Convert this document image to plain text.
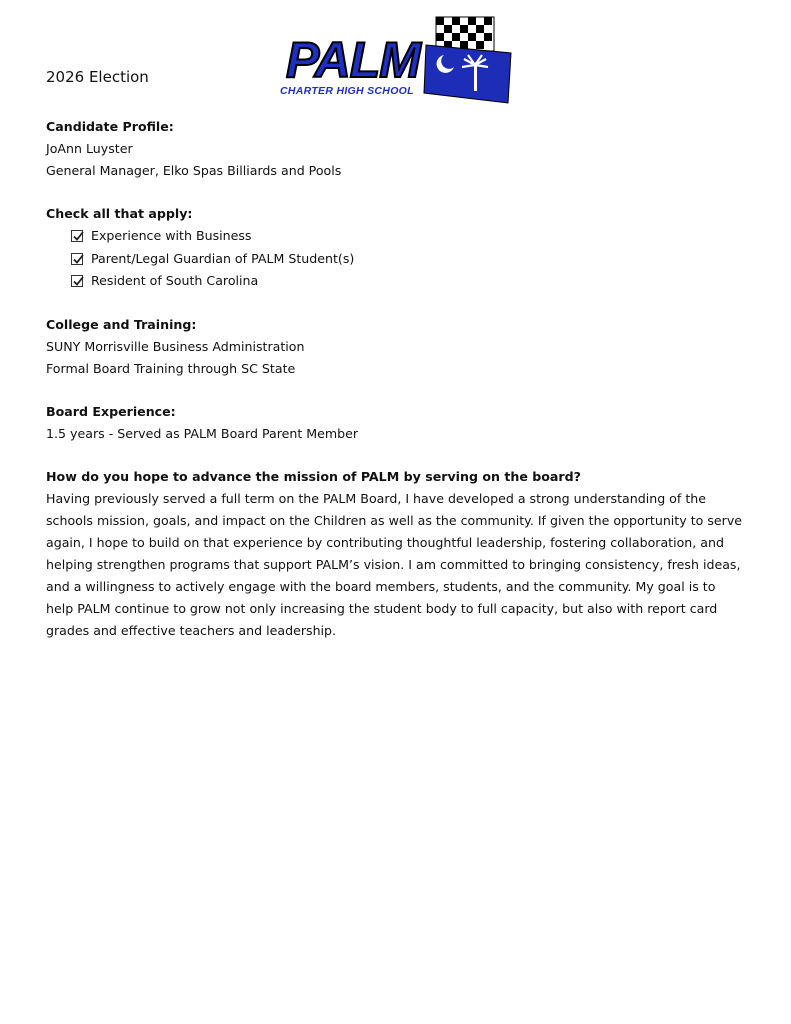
2026 Election	PALM
CHARTER HIGH SCHOOL
Candidate Profile:
JoAnn Luyster
General Manager, Elko Spas Billiards and Pools
Check all that apply:
Experience with Business
Parent/Legal Guardian of PALM Student(s)
Resident of South Carolina
College and Training:
SUNY Morrisville Business Administration
Formal Board Training through SC State
Board Experience:
1.5 years - Served as PALM Board Parent Member
How do you hope to advance the mission of PALM by serving on the board?
Having previously served a full term on the PALM Board, I have developed a strong understanding of the schools mission, goals, and impact on the Children as well as the community. If given the opportunity to serve again, I hope to build on that experience by contributing thoughtful leadership, fostering collaboration, and helping strengthen programs that support PALM’s vision. I am committed to bringing consistency, fresh ideas, and a willingness to actively engage with the board members, students, and the community. My goal is to help PALM continue to grow not only increasing the student body to full capacity, but also with report card grades and effective teachers and leadership.
